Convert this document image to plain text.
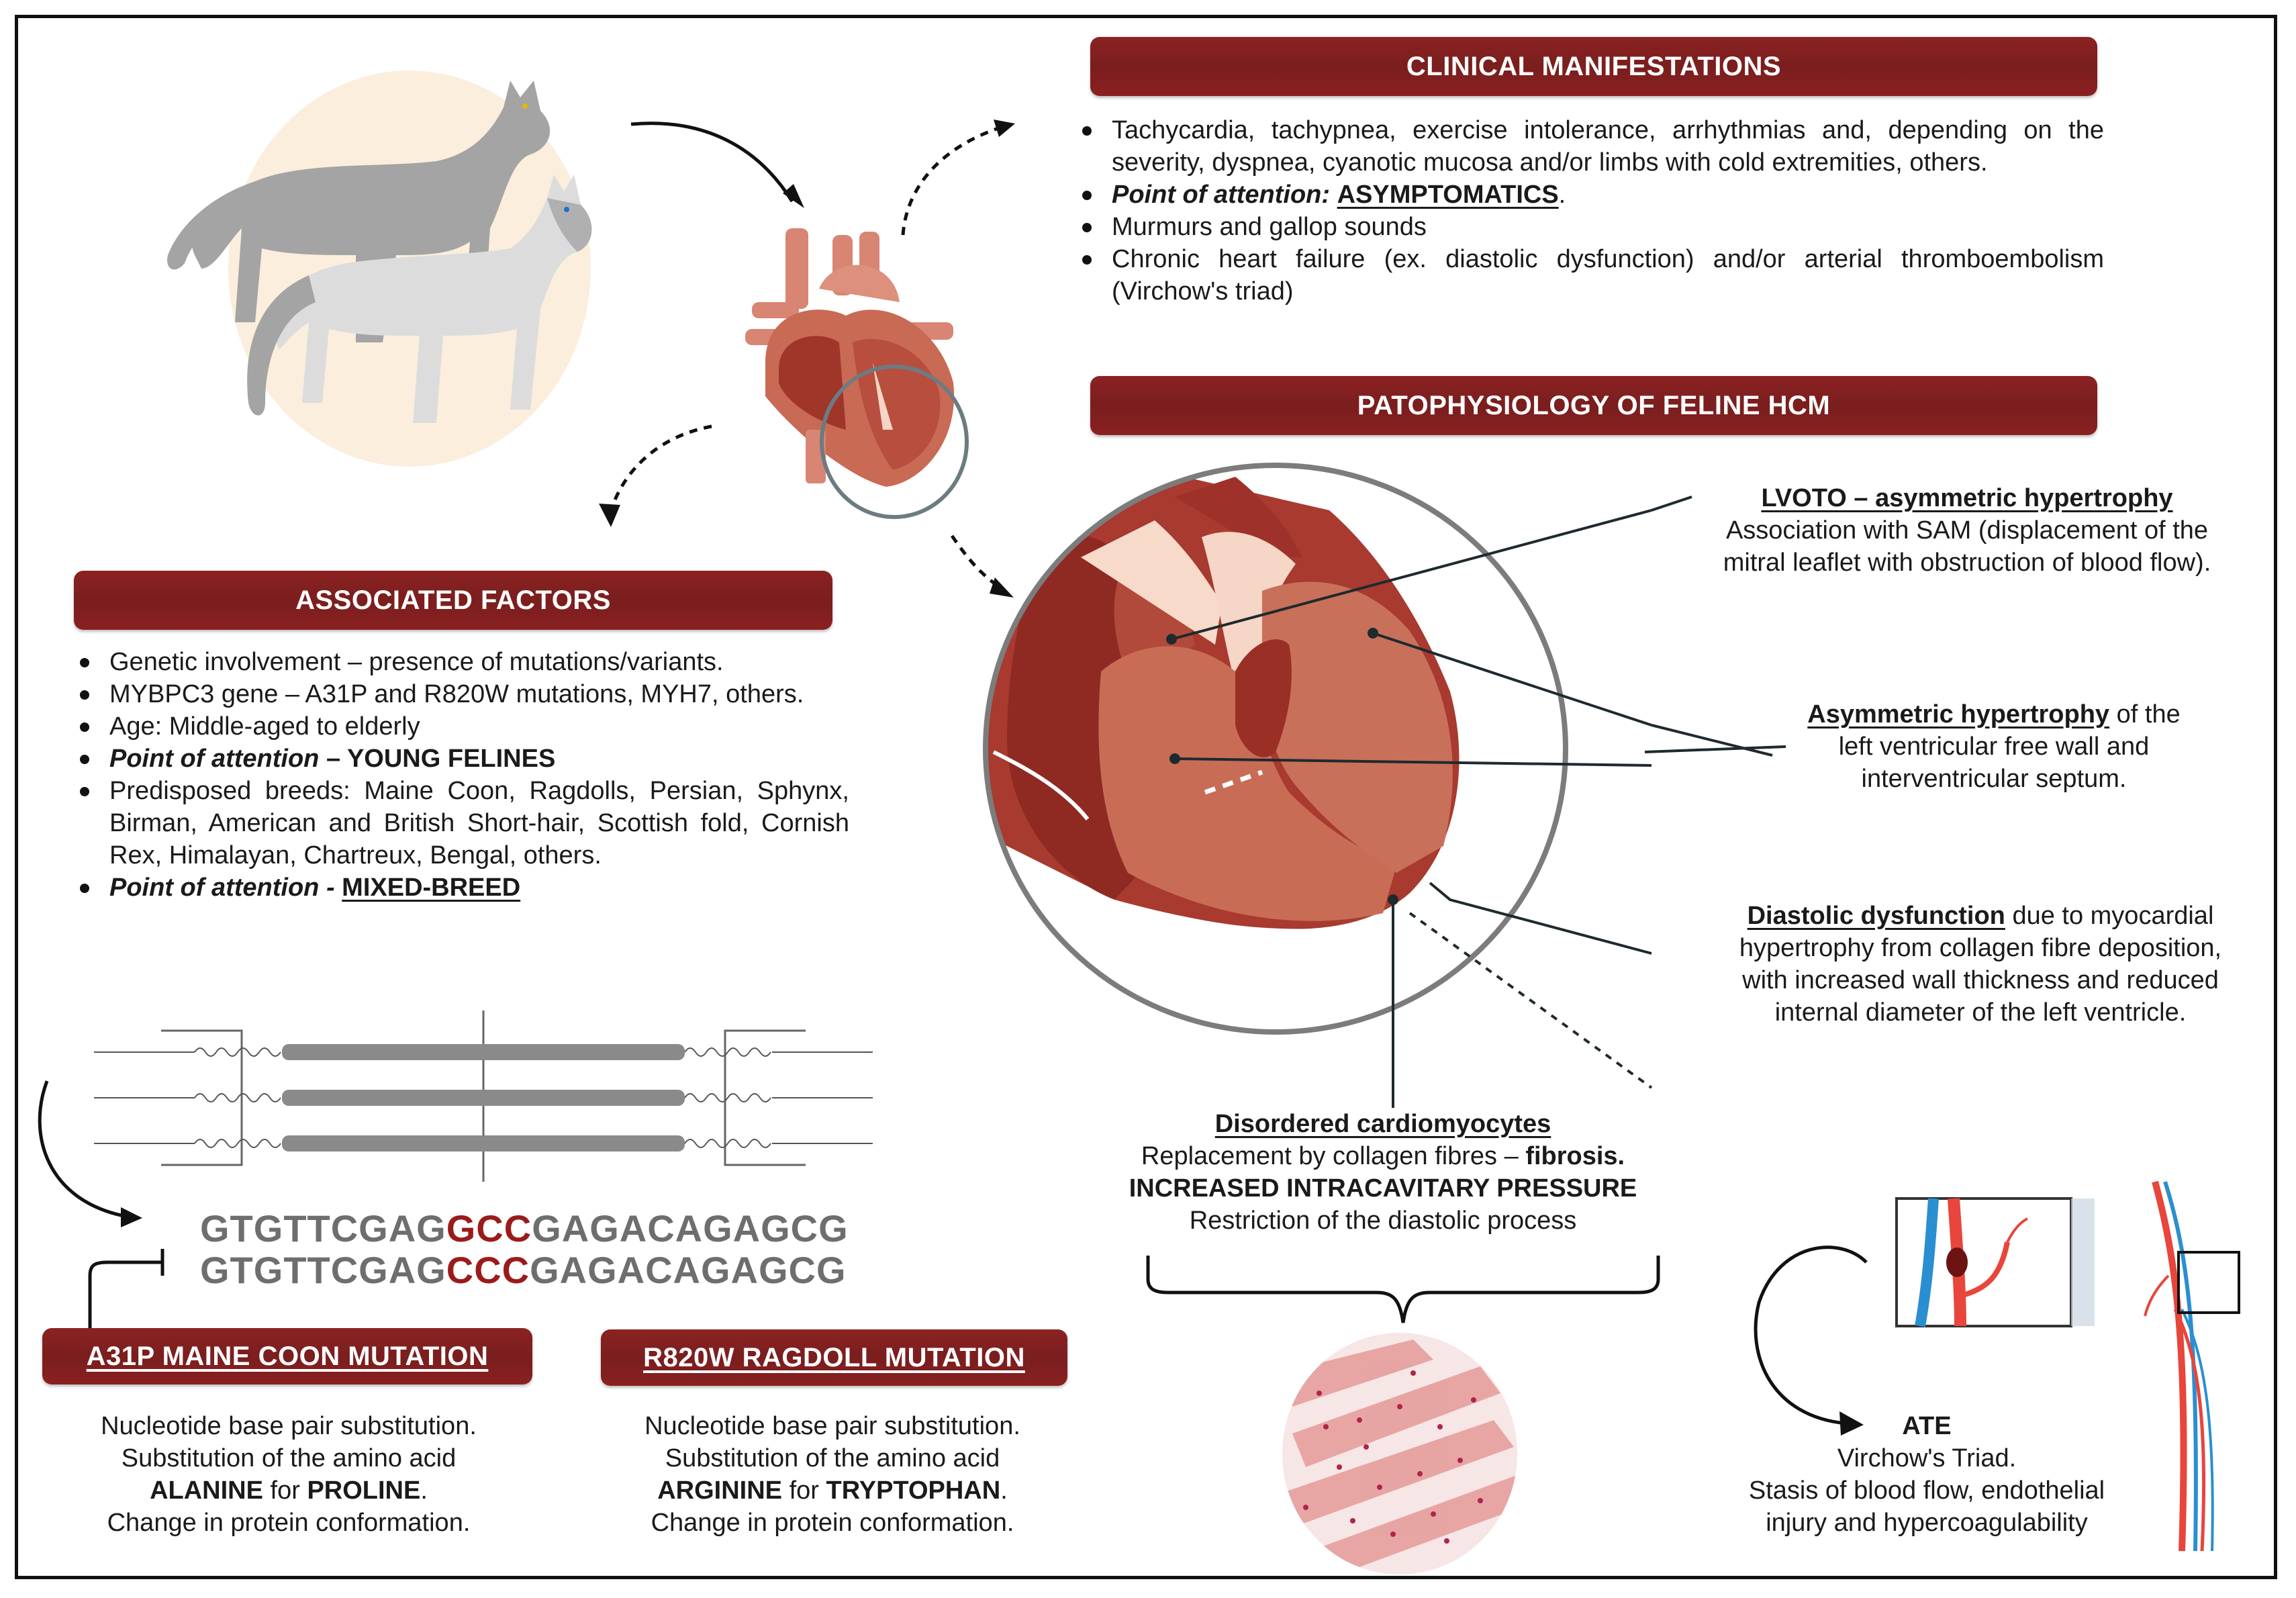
CLINICAL MANIFESTATIONS
Tachycardia, tachypnea, exercise intolerance, arrhythmias and, depending on the severity, dyspnea, cyanotic mucosa and/or limbs with cold extremities, others.
Point of attention: ASYMPTOMATICS.
Murmurs and gallop sounds
Chronic heart failure (ex. diastolic dysfunction) and/or arterial thromboembolism (Virchow's triad)
PATOPHYSIOLOGY OF FELINE HCM
ASSOCIATED FACTORS
Genetic involvement – presence of mutations/variants.
MYBPC3 gene – A31P and R820W mutations, MYH7, others.
Age: Middle-aged to elderly
Point of attention – YOUNG FELINES
Predisposed breeds: Maine Coon, Ragdolls, Persian, Sphynx, Birman, American and British Short-hair, Scottish fold, Cornish Rex, Himalayan, Chartreux, Bengal, others.
Point of attention - MIXED-BREED
GTGTTCGAGGCCGAGACAGAGCG
GTGTTCGAGCCCGAGACAGAGCG
A31P MAINE COON MUTATION	R820W RAGDOLL MUTATION
Nucleotide base pair substitution.
Substitution of the amino acid
ALANINE for PROLINE.
Change in protein conformation.
Nucleotide base pair substitution.
Substitution of the amino acid
ARGININE for TRYPTOPHAN.
Change in protein conformation.
LVOTO – asymmetric hypertrophy
Association with SAM (displacement of the
mitral leaflet with obstruction of blood flow).
Asymmetric hypertrophy of the
left ventricular free wall and
interventricular septum.
Diastolic dysfunction due to myocardial
hypertrophy from collagen fibre deposition,
with increased wall thickness and reduced
internal diameter of the left ventricle.
Disordered cardiomyocytes
Replacement by collagen fibres – fibrosis.
INCREASED INTRACAVITARY PRESSURE
Restriction of the diastolic process
ATE
Virchow's Triad.
Stasis of blood flow, endothelial
injury and hypercoagulability
